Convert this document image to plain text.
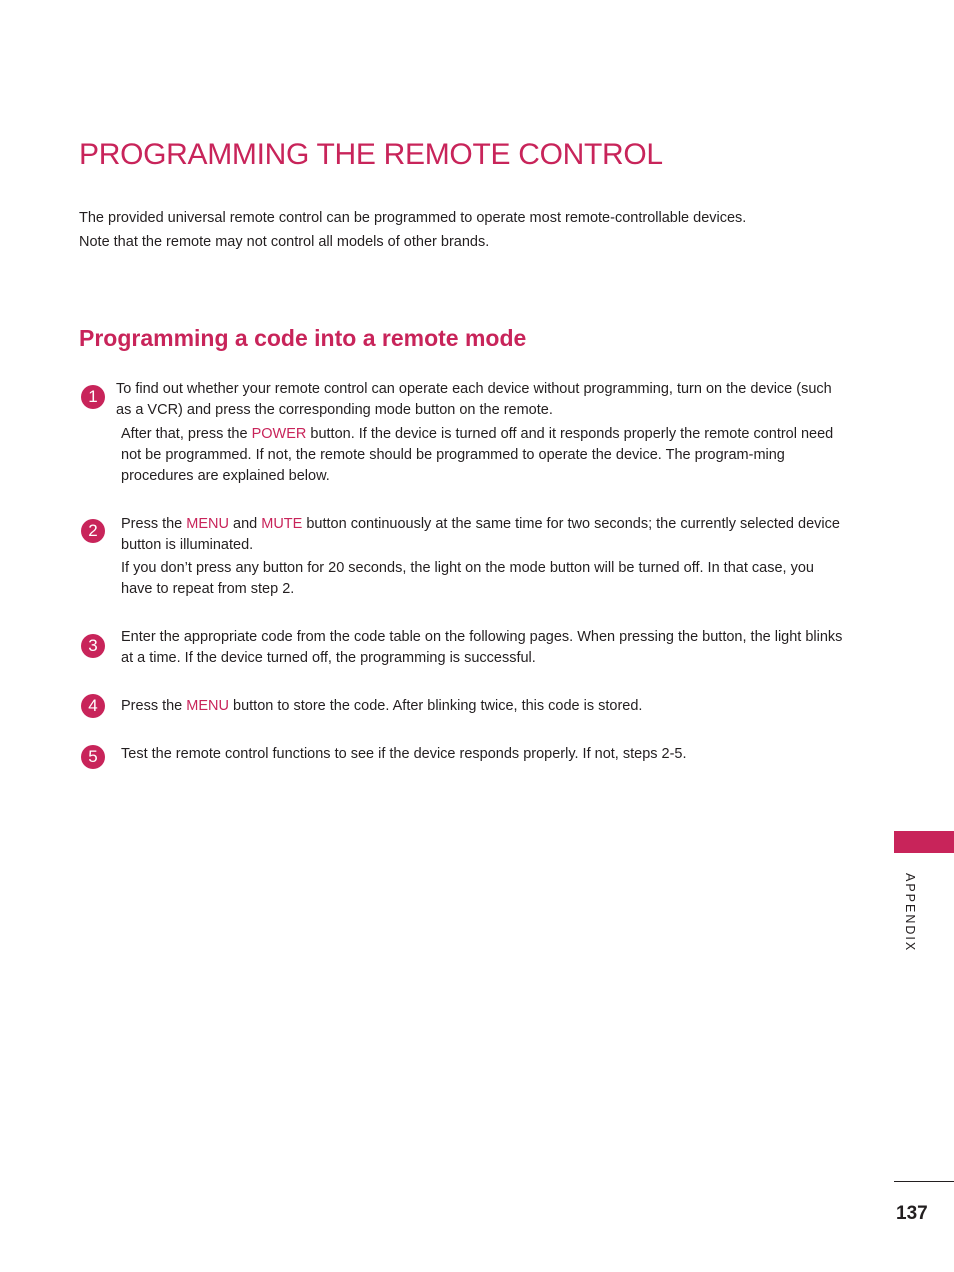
PROGRAMMING THE REMOTE CONTROL

The provided universal remote control can be programmed to operate most remote-controllable devices.

Note that the remote may not control all models of other brands.

Programming a code into a remote mode
1	To find out whether your remote control can operate each device without programming, turn on the device (such as a VCR) and press the corresponding mode button on the remote.

After that, press the POWER button. If the device is turned off and it responds properly the remote control need not be programmed. If not, the remote should be programmed to operate the device. The program-ming procedures are explained below.

2	Press the MENU and MUTE button continuously at the same time for two seconds; the currently selected device button is illuminated.

If you don’t press any button for 20 seconds, the light on the mode button will be turned off. In that case, you have to repeat from step 2.

3	Enter the appropriate code from the code table on the following pages. When pressing the button, the light blinks at a time. If the device turned off, the programming is successful.

4	Press the MENU button to store the code. After blinking twice, this code is stored.

5	Test the remote control functions to see if the device responds properly. If not, steps 2-5.

APPENDIX
137
